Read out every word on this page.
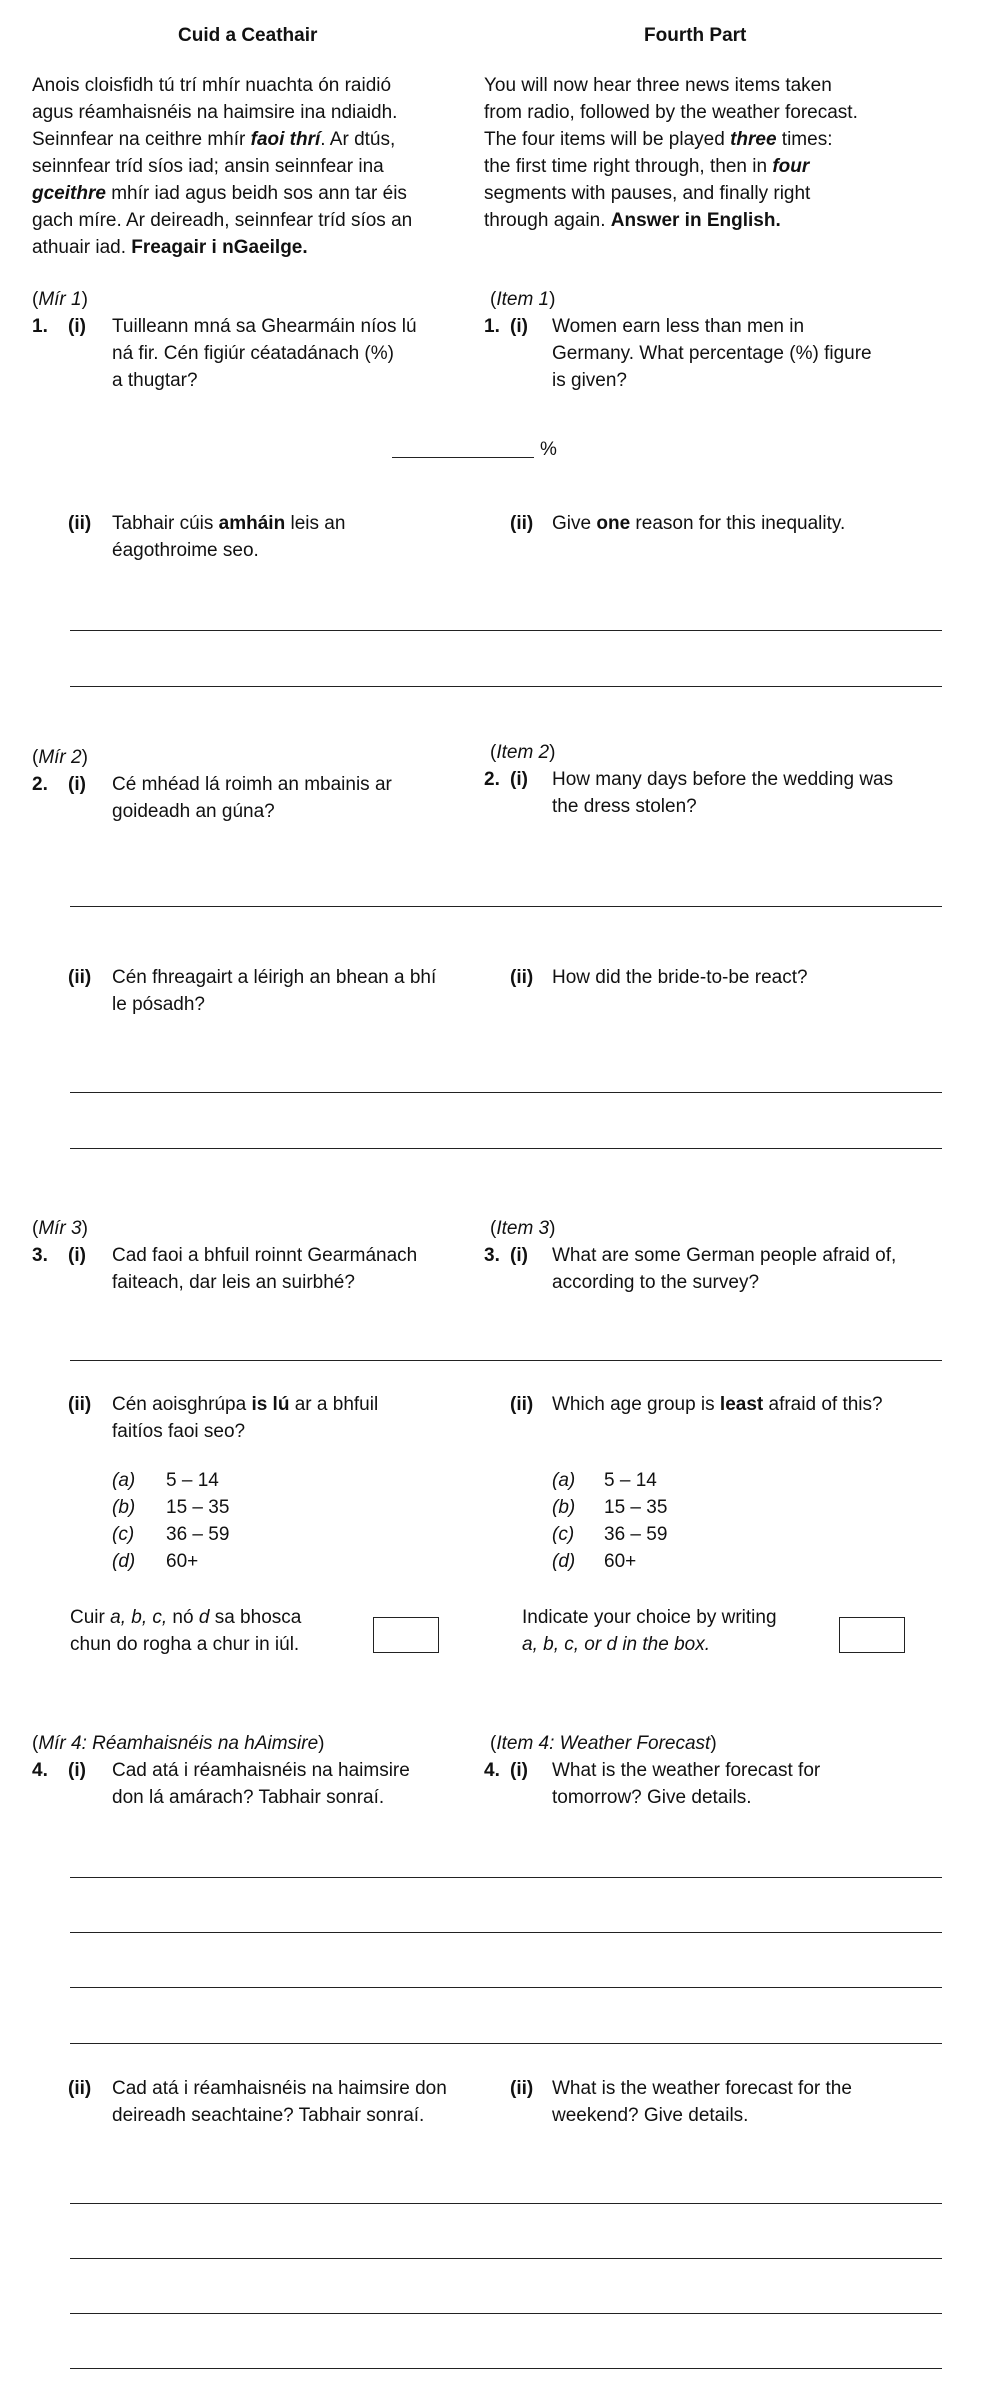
Cuid a Ceathair	Fourth Part
Anois cloisfidh tú trí mhír nuachta ón raidió
agus réamhaisnéis na haimsire ina ndiaidh.
Seinnfear na ceithre mhír faoi thrí. Ar dtús,
seinnfear tríd síos iad; ansin seinnfear ina
gceithre mhír iad agus beidh sos ann tar éis
gach míre. Ar deireadh, seinnfear tríd síos an
athuair iad. Freagair i nGaeilge.
You will now hear three news items taken
from radio, followed by the weather forecast.
The four items will be played three times:
the first time right through, then in four
segments with pauses, and finally right
through again. Answer in English.
(Mír 1)	(Item 1)
1. (i) Tuilleann mná sa Ghearmáin níos lú
ná fir. Cén figiúr céatadánach (%)
a thugtar?
1. (i) Women earn less than men in
Germany. What percentage (%) figure
is given?
%
(ii) Tabhair cúis amháin leis an
éagothroime seo.
(ii) Give one reason for this inequality.
(Mír 2)	(Item 2)
2. (i) Cé mhéad lá roimh an mbainis ar
goideadh an gúna?
2. (i) How many days before the wedding was
the dress stolen?
(ii) Cén fhreagairt a léirigh an bhean a bhí
le pósadh?
(ii) How did the bride-to-be react?
(Mír 3)	(Item 3)
3. (i) Cad faoi a bhfuil roinnt Gearmánach
faiteach, dar leis an suirbhé?
3. (i) What are some German people afraid of,
according to the survey?
(ii) Cén aoisghrúpa is lú ar a bhfuil
faitíos faoi seo?
(ii) Which age group is least afraid of this?
(a) 5 – 14
(b) 15 – 35
(c) 36 – 59
(d) 60+
(a) 5 – 14
(b) 15 – 35
(c) 36 – 59
(d) 60+
Cuir a, b, c, nó d sa bhosca
chun do rogha a chur in iúl.
Indicate your choice by writing
a, b, c, or d in the box.
(Mír 4: Réamhaisnéis na hAimsire)	(Item 4: Weather Forecast)
4. (i) Cad atá i réamhaisnéis na haimsire
don lá amárach? Tabhair sonraí.
4. (i) What is the weather forecast for
tomorrow? Give details.
(ii) Cad atá i réamhaisnéis na haimsire don
deireadh seachtaine? Tabhair sonraí.
(ii) What is the weather forecast for the
weekend? Give details.
